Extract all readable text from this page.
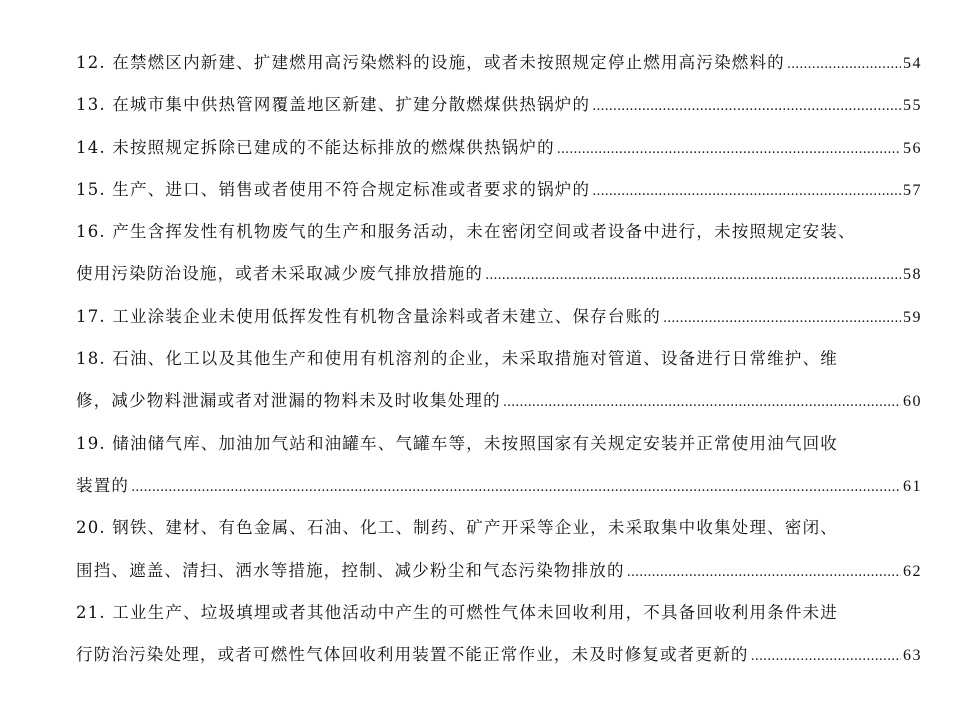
12. 在禁燃区内新建、扩建燃用高污染燃料的设施，或者未按照规定停止燃用高污染燃料的 .....	54
13. 在城市集中供热管网覆盖地区新建、扩建分散燃煤供热锅炉的 .....	55
14. 未按照规定拆除已建成的不能达标排放的燃煤供热锅炉的 .....	56
15. 生产、进口、销售或者使用不符合规定标准或者要求的锅炉的 .....	57
16. 产生含挥发性有机物废气的生产和服务活动，未在密闭空间或者设备中进行，未按照规定安装、
使用污染防治设施，或者未采取减少废气排放措施的 .....	58
17. 工业涂装企业未使用低挥发性有机物含量涂料或者未建立、保存台账的 .....	59
18. 石油、化工以及其他生产和使用有机溶剂的企业，未采取措施对管道、设备进行日常维护、维
修，减少物料泄漏或者对泄漏的物料未及时收集处理的 .....	60
19. 储油储气库、加油加气站和油罐车、气罐车等，未按照国家有关规定安装并正常使用油气回收
装置的 .....	61
20. 钢铁、建材、有色金属、石油、化工、制药、矿产开采等企业，未采取集中收集处理、密闭、
围挡、遮盖、清扫、洒水等措施，控制、减少粉尘和气态污染物排放的 .....	62
21. 工业生产、垃圾填埋或者其他活动中产生的可燃性气体未回收利用，不具备回收利用条件未进
行防治污染处理，或者可燃性气体回收利用装置不能正常作业，未及时修复或者更新的 .....	63
